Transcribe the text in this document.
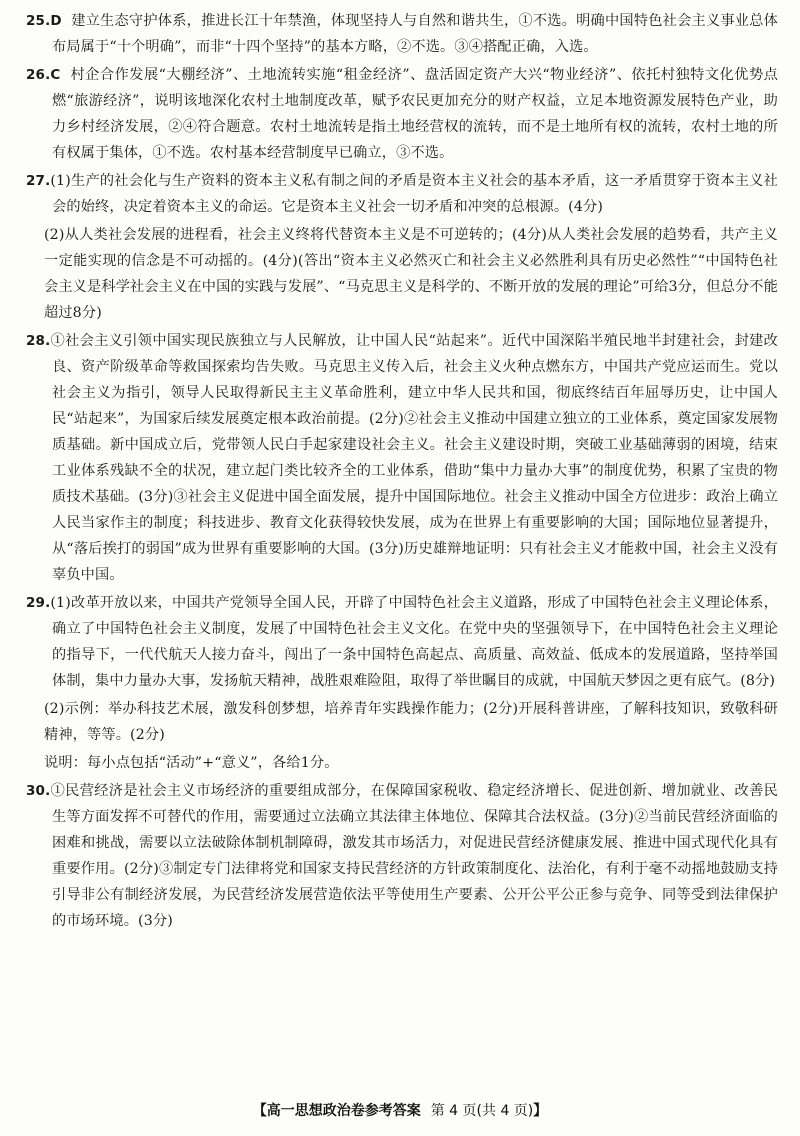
25.D 建立生态守护体系，推进长江十年禁渔，体现坚持人与自然和谐共生，①不选。明确中国特色社会主义事业总体布局属于“十个明确”，而非“十四个坚持”的基本方略，②不选。③④搭配正确，入选。

26.C 村企合作发展“大棚经济”、土地流转实施“租金经济”、盘活固定资产大兴“物业经济”、依托村独特文化优势点燃“旅游经济”，说明该地深化农村土地制度改革，赋予农民更加充分的财产权益，立足本地资源发展特色产业，助力乡村经济发展，②④符合题意。农村土地流转是指土地经营权的流转，而不是土地所有权的流转，农村土地的所有权属于集体，①不选。农村基本经营制度早已确立，③不选。

27.(1)生产的社会化与生产资料的资本主义私有制之间的矛盾是资本主义社会的基本矛盾，这一矛盾贯穿于资本主义社会的始终，决定着资本主义的命运。它是资本主义社会一切矛盾和冲突的总根源。(4分)

(2)从人类社会发展的进程看，社会主义终将代替资本主义是不可逆转的；(4分)从人类社会发展的趋势看，共产主义一定能实现的信念是不可动摇的。(4分)(答出“资本主义必然灭亡和社会主义必然胜利具有历史必然性”“中国特色社会主义是科学社会主义在中国的实践与发展”、“马克思主义是科学的、不断开放的发展的理论”可给3分，但总分不能超过8分)

28.①社会主义引领中国实现民族独立与人民解放，让中国人民“站起来”。近代中国深陷半殖民地半封建社会，封建改良、资产阶级革命等救国探索均告失败。马克思主义传入后，社会主义火种点燃东方，中国共产党应运而生。党以社会主义为指引，领导人民取得新民主主义革命胜利，建立中华人民共和国，彻底终结百年屈辱历史，让中国人民“站起来”，为国家后续发展奠定根本政治前提。(2分)②社会主义推动中国建立独立的工业体系，奠定国家发展物质基础。新中国成立后，党带领人民白手起家建设社会主义。社会主义建设时期，突破工业基础薄弱的困境，结束工业体系残缺不全的状况，建立起门类比较齐全的工业体系，借助“集中力量办大事”的制度优势，积累了宝贵的物质技术基础。(3分)③社会主义促进中国全面发展，提升中国国际地位。社会主义推动中国全方位进步：政治上确立人民当家作主的制度；科技进步、教育文化获得较快发展，成为在世界上有重要影响的大国；国际地位显著提升，从“落后挨打的弱国”成为世界有重要影响的大国。(3分)历史雄辩地证明：只有社会主义才能救中国，社会主义没有辜负中国。

29.(1)改革开放以来，中国共产党领导全国人民，开辟了中国特色社会主义道路，形成了中国特色社会主义理论体系，确立了中国特色社会主义制度，发展了中国特色社会主义文化。在党中央的坚强领导下，在中国特色社会主义理论的指导下，一代代航天人接力奋斗，闯出了一条中国特色高起点、高质量、高效益、低成本的发展道路，坚持举国体制，集中力量办大事，发扬航天精神，战胜艰难险阻，取得了举世瞩目的成就，中国航天梦因之更有底气。(8分)

(2)示例：举办科技艺术展，激发科创梦想，培养青年实践操作能力；(2分)开展科普讲座，了解科技知识，致敬科研精神，等等。(2分)

说明：每小点包括“活动”+“意义”，各给1分。

30.①民营经济是社会主义市场经济的重要组成部分，在保障国家税收、稳定经济增长、促进创新、增加就业、改善民生等方面发挥不可替代的作用，需要通过立法确立其法律主体地位、保障其合法权益。(3分)②当前民营经济面临的困难和挑战，需要以立法破除体制机制障碍，激发其市场活力，对促进民营经济健康发展、推进中国式现代化具有重要作用。(2分)③制定专门法律将党和国家支持民营经济的方针政策制度化、法治化，有利于毫不动摇地鼓励支持引导非公有制经济发展，为民营经济发展营造依法平等使用生产要素、公开公平公正参与竞争、同等受到法律保护的市场环境。(3分)

【高一思想政治卷参考答案 第 4 页(共 4 页)】
